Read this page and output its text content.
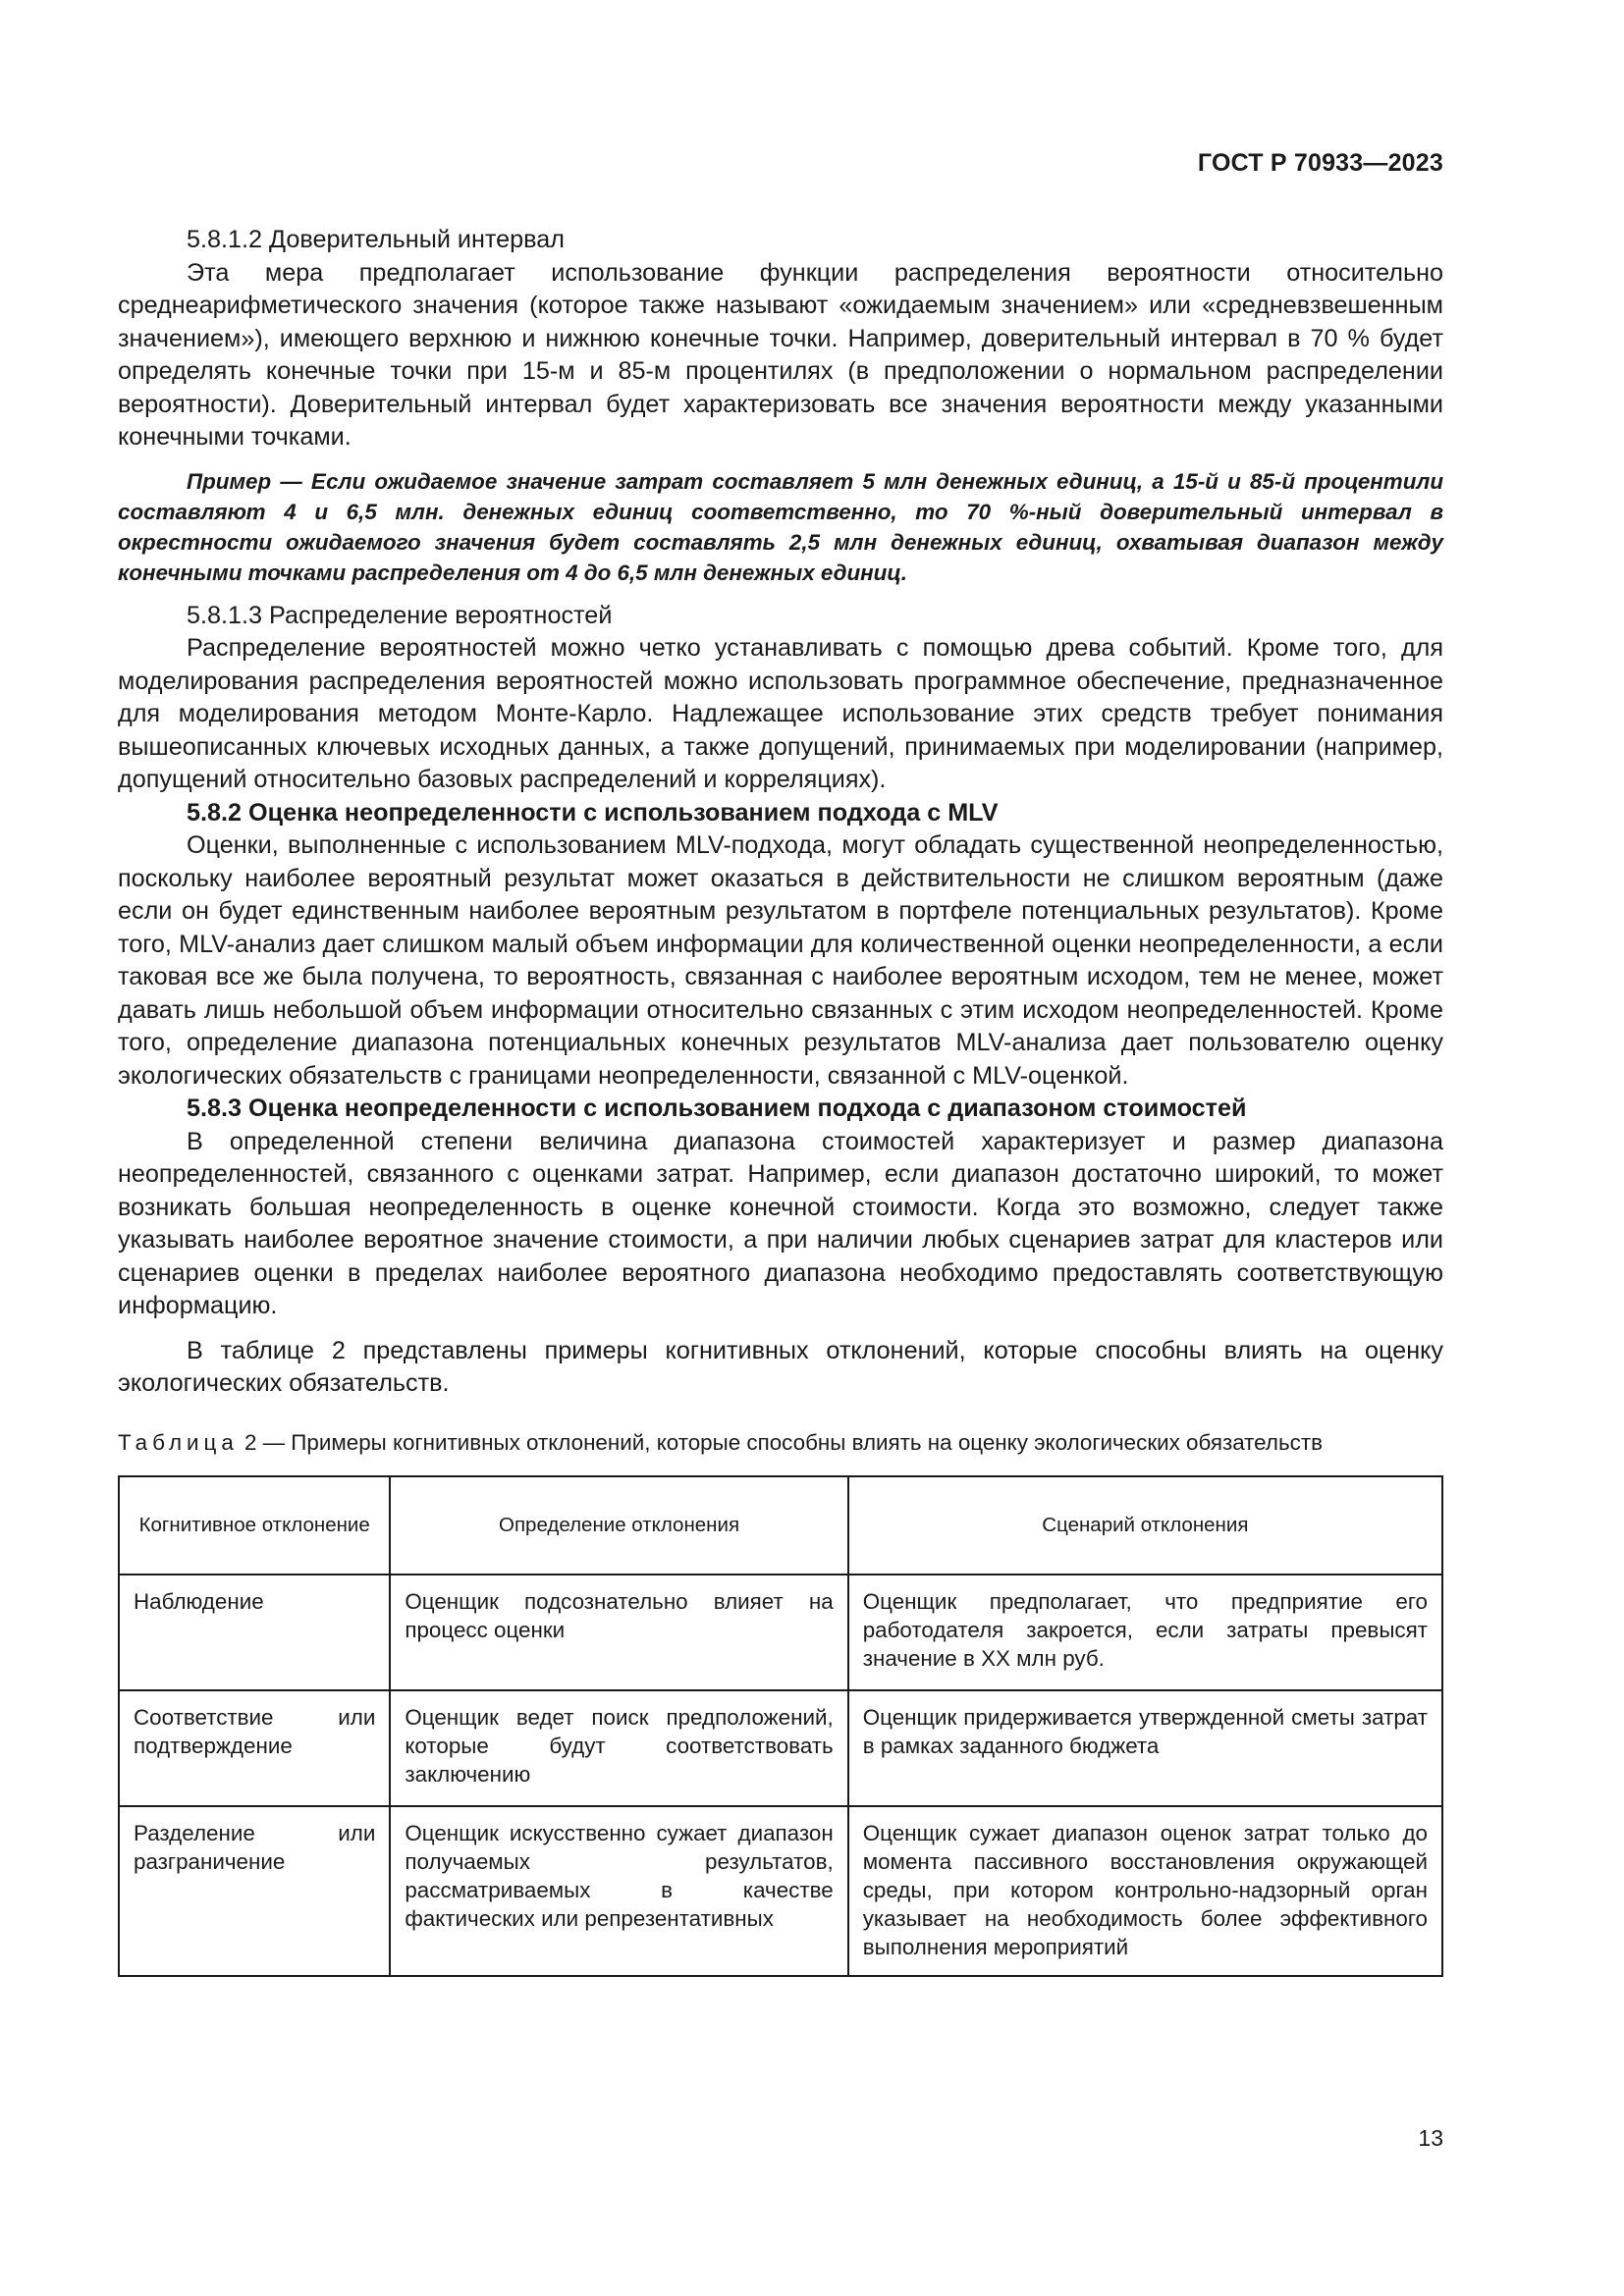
ГОСТ Р 70933—2023

5.8.1.2 Доверительный интервал

Эта мера предполагает использование функции распределения вероятности относительно среднеарифметического значения (которое также называют «ожидаемым значением» или «средневзвешенным значением»), имеющего верхнюю и нижнюю конечные точки. Например, доверительный интервал в 70 % будет определять конечные точки при 15-м и 85-м процентилях (в предположении о нормальном распределении вероятности). Доверительный интервал будет характеризовать все значения вероятности между указанными конечными точками.

Пример — Если ожидаемое значение затрат составляет 5 млн денежных единиц, а 15-й и 85-й процентили составляют 4 и 6,5 млн. денежных единиц соответственно, то 70 %-ный доверительный интервал в окрестности ожидаемого значения будет составлять 2,5 млн денежных единиц, охватывая диапазон между конечными точками распределения от 4 до 6,5 млн денежных единиц.

5.8.1.3 Распределение вероятностей

Распределение вероятностей можно четко устанавливать с помощью древа событий. Кроме того, для моделирования распределения вероятностей можно использовать программное обеспечение, предназначенное для моделирования методом Монте-Карло. Надлежащее использование этих средств требует понимания вышеописанных ключевых исходных данных, а также допущений, принимаемых при моделировании (например, допущений относительно базовых распределений и корреляциях).

5.8.2 Оценка неопределенности с использованием подхода с MLV

Оценки, выполненные с использованием MLV-подхода, могут обладать существенной неопределенностью, поскольку наиболее вероятный результат может оказаться в действительности не слишком вероятным (даже если он будет единственным наиболее вероятным результатом в портфеле потенциальных результатов). Кроме того, MLV-анализ дает слишком малый объем информации для количественной оценки неопределенности, а если таковая все же была получена, то вероятность, связанная с наиболее вероятным исходом, тем не менее, может давать лишь небольшой объем информации относительно связанных с этим исходом неопределенностей. Кроме того, определение диапазона потенциальных конечных результатов MLV-анализа дает пользователю оценку экологических обязательств с границами неопределенности, связанной с MLV-оценкой.

5.8.3 Оценка неопределенности с использованием подхода с диапазоном стоимостей

В определенной степени величина диапазона стоимостей характеризует и размер диапазона неопределенностей, связанного с оценками затрат. Например, если диапазон достаточно широкий, то может возникать большая неопределенность в оценке конечной стоимости. Когда это возможно, следует также указывать наиболее вероятное значение стоимости, а при наличии любых сценариев затрат для кластеров или сценариев оценки в пределах наиболее вероятного диапазона необходимо предоставлять соответствующую информацию.

В таблице 2 представлены примеры когнитивных отклонений, которые способны влиять на оценку экологических обязательств.

Таблица 2 — Примеры когнитивных отклонений, которые способны влиять на оценку экологических обязательств
Когнитивное отклонение	Определение отклонения	Сценарий отклонения
Наблюдение	Оценщик подсознательно влияет на процесс оценки	Оценщик предполагает, что предприятие его работодателя закроется, если затраты превысят значение в ХХ млн руб.
Соответствие или подтверждение	Оценщик ведет поиск предположений, которые будут соответствовать заключению	Оценщик придерживается утвержденной сметы затрат в рамках заданного бюджета
Разделение или разграничение	Оценщик искусственно сужает диапазон получаемых результатов, рассматриваемых в качестве фактических или репрезентативных	Оценщик сужает диапазон оценок затрат только до момента пассивного восстановления окружающей среды, при котором контрольно-надзорный орган указывает на необходимость более эффективного выполнения мероприятий
13
